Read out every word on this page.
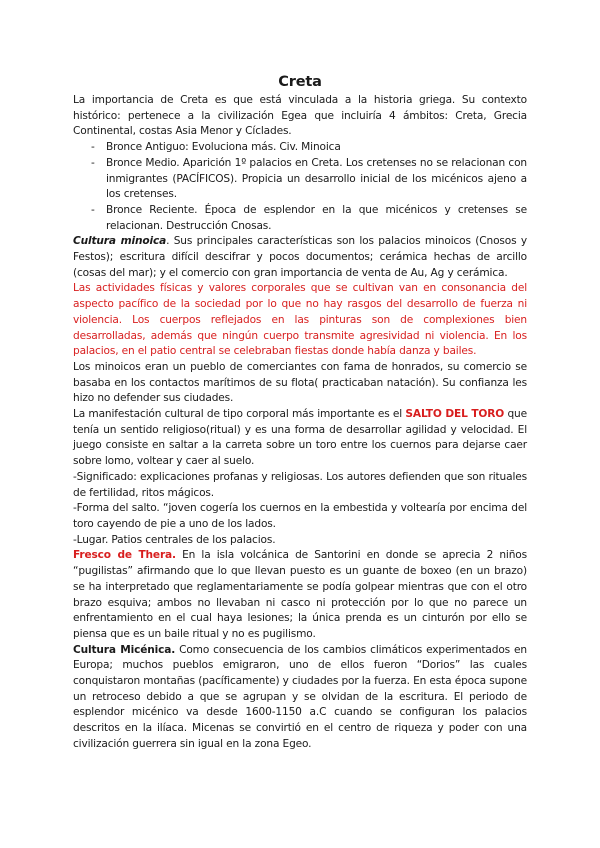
Creta

La importancia de Creta es que está vinculada a la historia griega. Su contexto histórico: pertenece a la civilización Egea que incluiría 4 ámbitos: Creta, Grecia Continental, costas Asia Menor y Cíclades.

- Bronce Antiguo: Evoluciona más. Civ. Minoica
- Bronce Medio. Aparición 1º palacios en Creta. Los cretenses no se relacionan con inmigrantes (PACÍFICOS). Propicia un desarrollo inicial de los micénicos ajeno a los cretenses.
- Bronce Reciente. Época de esplendor en la que micénicos y cretenses se relacionan. Destrucción Cnosas.

Cultura minoica. Sus principales características son los palacios minoicos (Cnosos y Festos); escritura difícil descifrar y pocos documentos; cerámica hechas de arcillo (cosas del mar); y el comercio con gran importancia de venta de Au, Ag y cerámica.

Las actividades físicas y valores corporales que se cultivan van en consonancia del aspecto pacífico de la sociedad por lo que no hay rasgos del desarrollo de fuerza ni violencia. Los cuerpos reflejados en las pinturas son de complexiones bien desarrolladas, además que ningún cuerpo transmite agresividad ni violencia. En los palacios, en el patio central se celebraban fiestas donde había danza y bailes.

Los minoicos eran un pueblo de comerciantes con fama de honrados, su comercio se basaba en los contactos marítimos de su flota( practicaban natación). Su confianza les hizo no defender sus ciudades.

La manifestación cultural de tipo corporal más importante es el SALTO DEL TORO que tenía un sentido religioso(ritual) y es una forma de desarrollar agilidad y velocidad. El juego consiste en saltar a la carreta sobre un toro entre los cuernos para dejarse caer sobre lomo, voltear y caer al suelo.

-Significado: explicaciones profanas y religiosas. Los autores defienden que son rituales de fertilidad, ritos mágicos.

-Forma del salto. “joven cogería los cuernos en la embestida y voltearía por encima del toro cayendo de pie a uno de los lados.

-Lugar. Patios centrales de los palacios.

Fresco de Thera. En la isla volcánica de Santorini en donde se aprecia 2 niños “pugilistas” afirmando que lo que llevan puesto es un guante de boxeo (en un brazo) se ha interpretado que reglamentariamente se podía golpear mientras que con el otro brazo esquiva; ambos no llevaban ni casco ni protección por lo que no parece un enfrentamiento en el cual haya lesiones; la única prenda es un cinturón por ello se piensa que es un baile ritual y no es pugilismo.

Cultura Micénica. Como consecuencia de los cambios climáticos experimentados en Europa; muchos pueblos emigraron, uno de ellos fueron “Dorios” las cuales conquistaron montañas (pacíficamente) y ciudades por la fuerza. En esta época supone un retroceso debido a que se agrupan y se olvidan de la escritura. El periodo de esplendor micénico va desde 1600-1150 a.C cuando se configuran los palacios descritos en la ilíaca. Micenas se convirtió en el centro de riqueza y poder con una civilización guerrera sin igual en la zona Egeo.
